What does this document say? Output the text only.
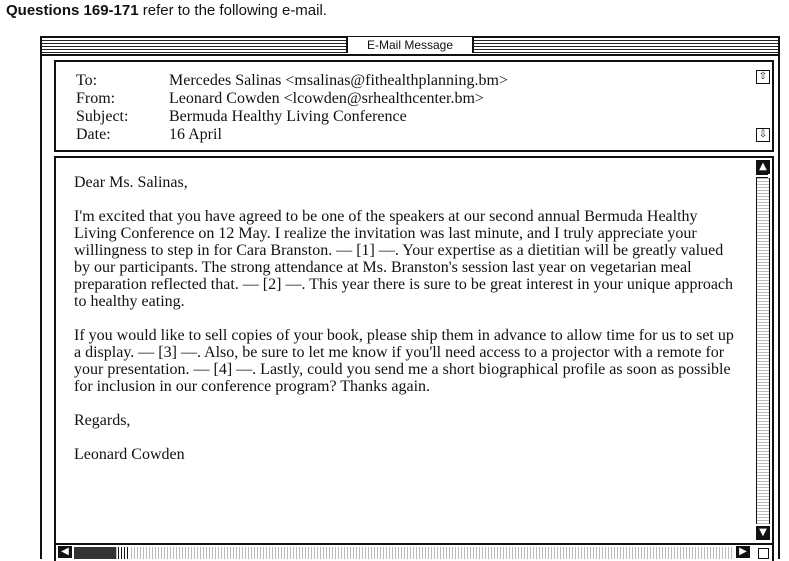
Questions 169-171 refer to the following e-mail.
E-Mail Message
To:	Mercedes Salinas <msalinas@fithealthplanning.bm>
From:	Leonard Cowden <lcowden@srhealthcenter.bm>
Subject:	Bermuda Healthy Living Conference
Date:	16 April
⇧
⇩

Dear Ms. Salinas,

I'm excited that you have agreed to be one of the speakers at our second annual Bermuda Healthy Living Conference on 12 May. I realize the invitation was last minute, and I truly appreciate your willingness to step in for Cara Branston. — [1] —. Your expertise as a dietitian will be greatly valued by our participants. The strong attendance at Ms. Branston's session last year on vegetarian meal preparation reflected that. — [2] —. This year there is sure to be great interest in your unique approach to healthy eating.

If you would like to sell copies of your book, please ship them in advance to allow time for us to set up a display. — [3] —. Also, be sure to let me know if you'll need access to a projector with a remote for your presentation. — [4] —. Lastly, could you send me a short biographical profile as soon as possible for inclusion in our conference program? Thanks again.

Regards,

Leonard Cowden

▲
▼
◀	▶
